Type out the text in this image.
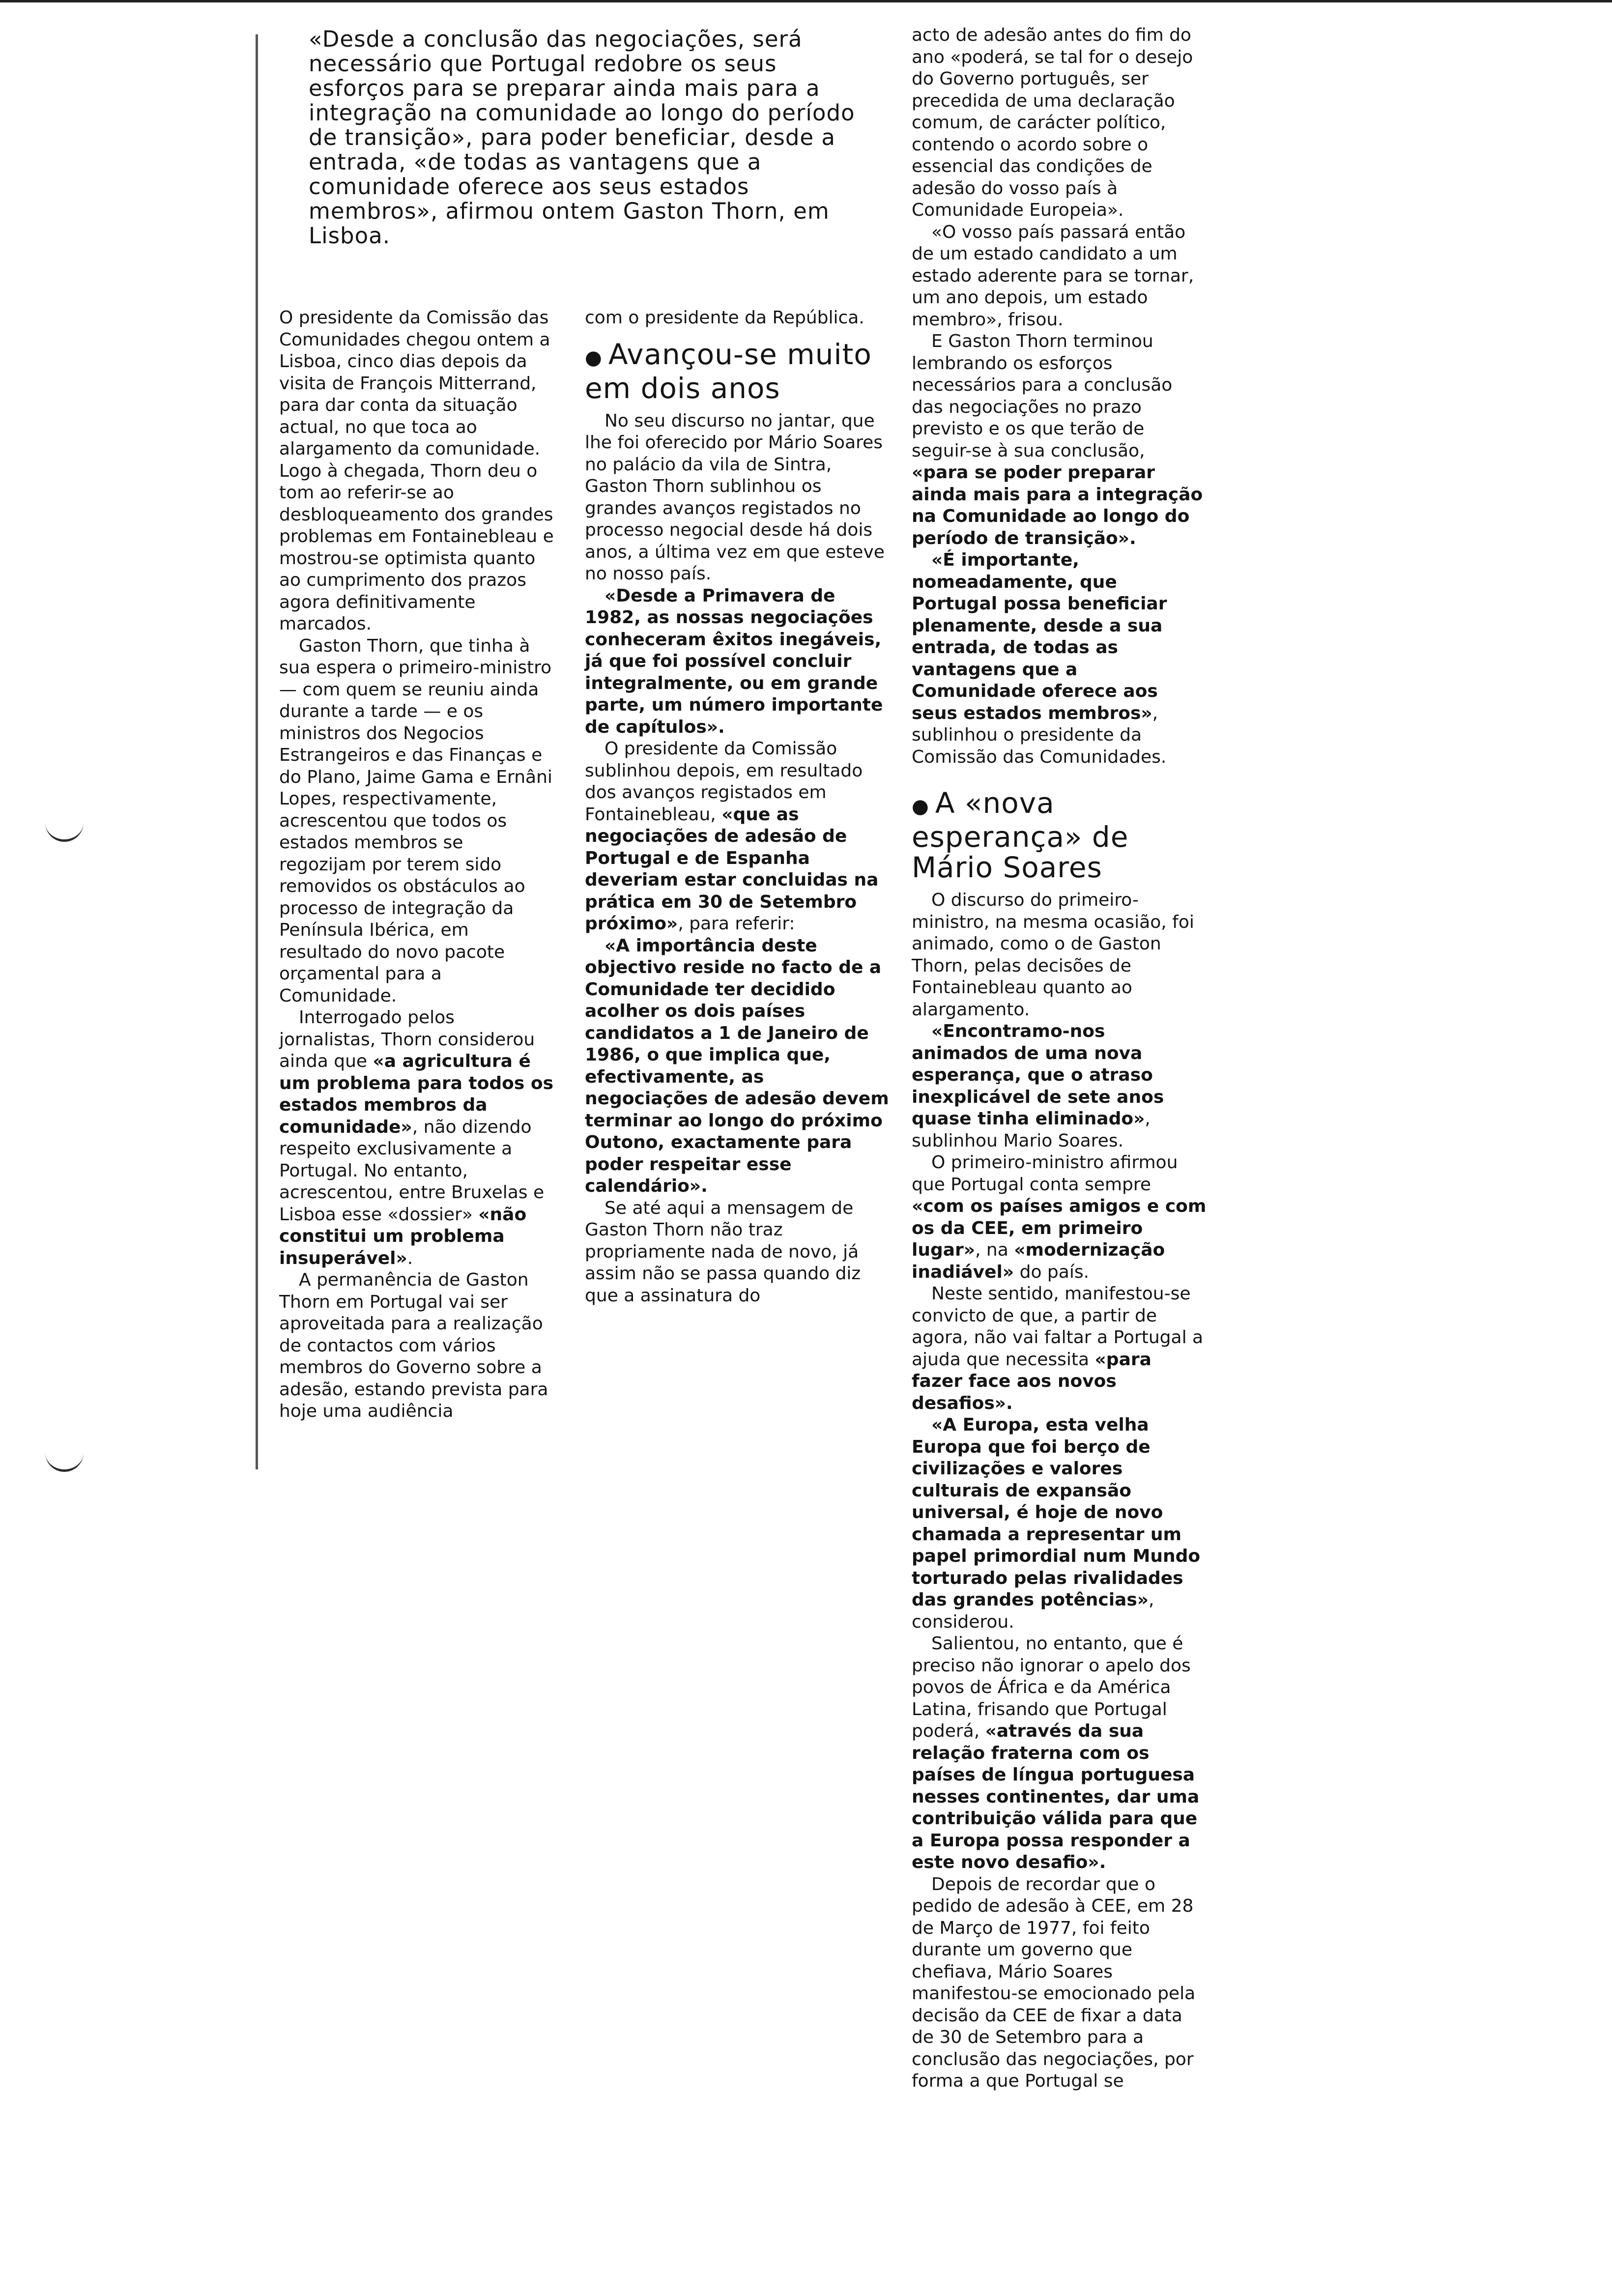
«Desde a conclusão das negociações, será necessário que Portugal redobre os seus esforços para se preparar ainda mais para a integração na comunidade ao longo do período de transição», para poder beneficiar, desde a entrada, «de todas as vantagens que a comunidade oferece aos seus estados membros», afirmou ontem Gaston Thorn, em Lisboa.

O presidente da Comissão das Comunidades chegou ontem a Lisboa, cinco dias depois da visita de François Mitterrand, para dar conta da situação actual, no que toca ao alargamento da comunidade. Logo à chegada, Thorn deu o tom ao referir-se ao desbloqueamento dos grandes problemas em Fontainebleau e mostrou-se optimista quanto ao cumprimento dos prazos agora definitivamente marcados.

Gaston Thorn, que tinha à sua espera o primeiro-ministro — com quem se reuniu ainda durante a tarde — e os ministros dos Negocios Estrangeiros e das Finanças e do Plano, Jaime Gama e Ernâni Lopes, respectivamente, acrescentou que todos os estados membros se regozijam por terem sido removidos os obstáculos ao processo de integração da Península Ibérica, em resultado do novo pacote orçamental para a Comunidade.

Interrogado pelos jornalistas, Thorn considerou ainda que «a agricultura é um problema para todos os estados membros da comunidade», não dizendo respeito exclusivamente a Portugal. No entanto, acrescentou, entre Bruxelas e Lisboa esse «dossier» «não constitui um problema insuperável».

A permanência de Gaston Thorn em Portugal vai ser aproveitada para a realização de contactos com vários membros do Governo sobre a adesão, estando prevista para hoje uma audiência

com o presidente da República.

● Avançou-se muito em dois anos

No seu discurso no jantar, que lhe foi oferecido por Mário Soares no palácio da vila de Sintra, Gaston Thorn sublinhou os grandes avanços registados no processo negocial desde há dois anos, a última vez em que esteve no nosso país.

«Desde a Primavera de 1982, as nossas negociações conheceram êxitos inegáveis, já que foi possível concluir integralmente, ou em grande parte, um número importante de capítulos».

O presidente da Comissão sublinhou depois, em resultado dos avanços registados em Fontainebleau, «que as negociações de adesão de Portugal e de Espanha deveriam estar concluidas na prática em 30 de Setembro próximo», para referir:

«A importância deste objectivo reside no facto de a Comunidade ter decidido acolher os dois países candidatos a 1 de Janeiro de 1986, o que implica que, efectivamente, as negociações de adesão devem terminar ao longo do próximo Outono, exactamente para poder respeitar esse calendário».

Se até aqui a mensagem de Gaston Thorn não traz propriamente nada de novo, já assim não se passa quando diz que a assinatura do

acto de adesão antes do fim do ano «poderá, se tal for o desejo do Governo português, ser precedida de uma declaração comum, de carácter político, contendo o acordo sobre o essencial das condições de adesão do vosso país à Comunidade Europeia».

«O vosso país passará então de um estado candidato a um estado aderente para se tornar, um ano depois, um estado membro», frisou.

E Gaston Thorn terminou lembrando os esforços necessários para a conclusão das negociações no prazo previsto e os que terão de seguir-se à sua conclusão, «para se poder preparar ainda mais para a integração na Comunidade ao longo do período de transição».

«É importante, nomeadamente, que Portugal possa beneficiar plenamente, desde a sua entrada, de todas as vantagens que a Comunidade oferece aos seus estados membros», sublinhou o presidente da Comissão das Comunidades.

● A «nova esperança» de Mário Soares

O discurso do primeiro-ministro, na mesma ocasião, foi animado, como o de Gaston Thorn, pelas decisões de Fontainebleau quanto ao alargamento.

«Encontramo-nos animados de uma nova esperança, que o atraso inexplicável de sete anos quase tinha eliminado», sublinhou Mario Soares.

O primeiro-ministro afirmou que Portugal conta sempre «com os países amigos e com os da CEE, em primeiro lugar», na «modernização inadiável» do país.

Neste sentido, manifestou-se convicto de que, a partir de agora, não vai faltar a Portugal a ajuda que necessita «para fazer face aos novos desafios».

«A Europa, esta velha Europa que foi berço de civilizações e valores culturais de expansão universal, é hoje de novo chamada a representar um papel primordial num Mundo torturado pelas rivalidades das grandes potências», considerou.

Salientou, no entanto, que é preciso não ignorar o apelo dos povos de África e da América Latina, frisando que Portugal poderá, «através da sua relação fraterna com os países de língua portuguesa nesses continentes, dar uma contribuição válida para que a Europa possa responder a este novo desafio».

Depois de recordar que o pedido de adesão à CEE, em 28 de Março de 1977, foi feito durante um governo que chefiava, Mário Soares manifestou-se emocionado pela decisão da CEE de fixar a data de 30 de Setembro para a conclusão das negociações, por forma a que Portugal se
